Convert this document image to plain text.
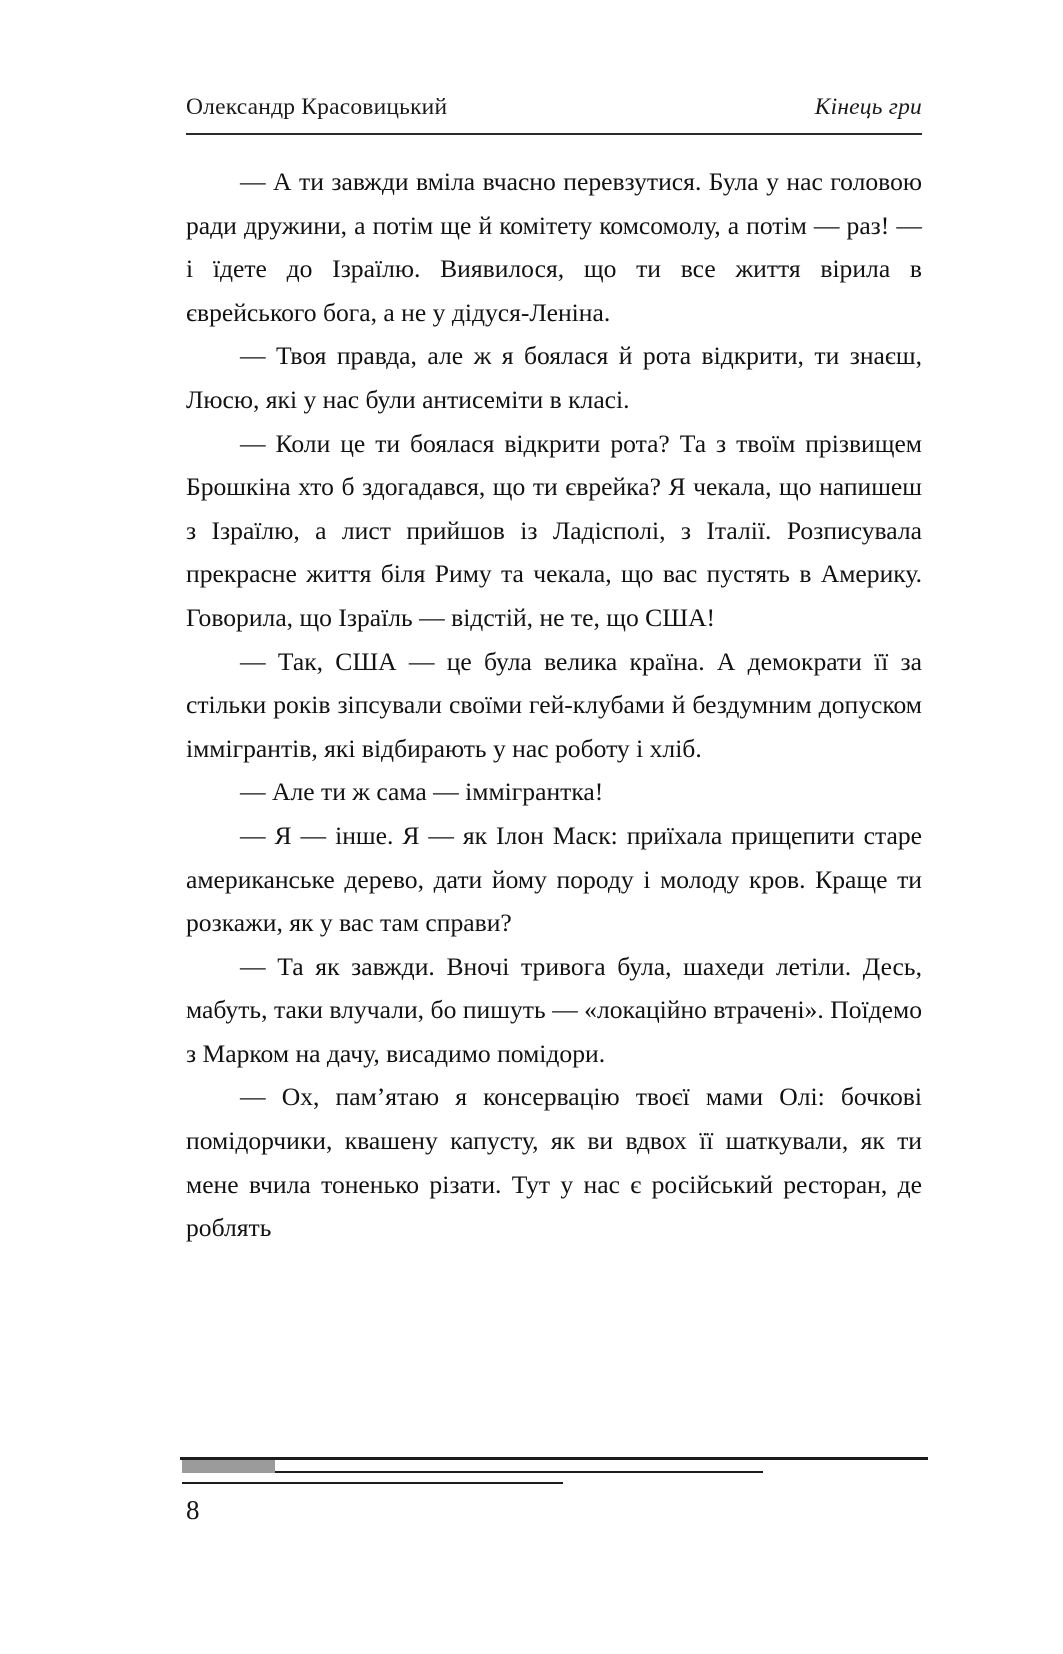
Олександр Красовицький	Кінець гри

— А ти завжди вміла вчасно перевзутися. Була у нас головою ради дружини, а потім ще й комітету комсомолу, а потім — раз! — і їдете до Ізраїлю. Виявилося, що ти все життя вірила в єврейського бога, а не у дідуся-Леніна.

— Твоя правда, але ж я боялася й рота відкрити, ти знаєш, Люсю, які у нас були антисеміти в класі.

— Коли це ти боялася відкрити рота? Та з твоїм прізвищем Брошкіна хто б здогадався, що ти єврейка? Я чекала, що напишеш з Ізраїлю, а лист прийшов із Ладісполі, з Італії. Розписувала прекрасне життя біля Риму та чекала, що вас пустять в Америку. Говорила, що Ізраїль — відстій, не те, що США!

— Так, США — це була велика країна. А демократи її за стільки років зіпсували своїми гей-клубами й бездумним допуском іммігрантів, які відбирають у нас роботу і хліб.

— Але ти ж сама — іммігрантка!

— Я — інше. Я — як Ілон Маск: приїхала прищепити старе американське дерево, дати йому породу і молоду кров. Краще ти розкажи, як у вас там справи?

— Та як завжди. Вночі тривога була, шахеди летіли. Десь, мабуть, таки влучали, бо пишуть — «локаційно втрачені». Поїдемо з Марком на дачу, висадимо помідори.

— Ох, пам’ятаю я консервацію твоєї мами Олі: бочкові помідорчики, квашену капусту, як ви вдвох її шаткували, як ти мене вчила тоненько різати. Тут у нас є російський ресторан, де роблять

8
